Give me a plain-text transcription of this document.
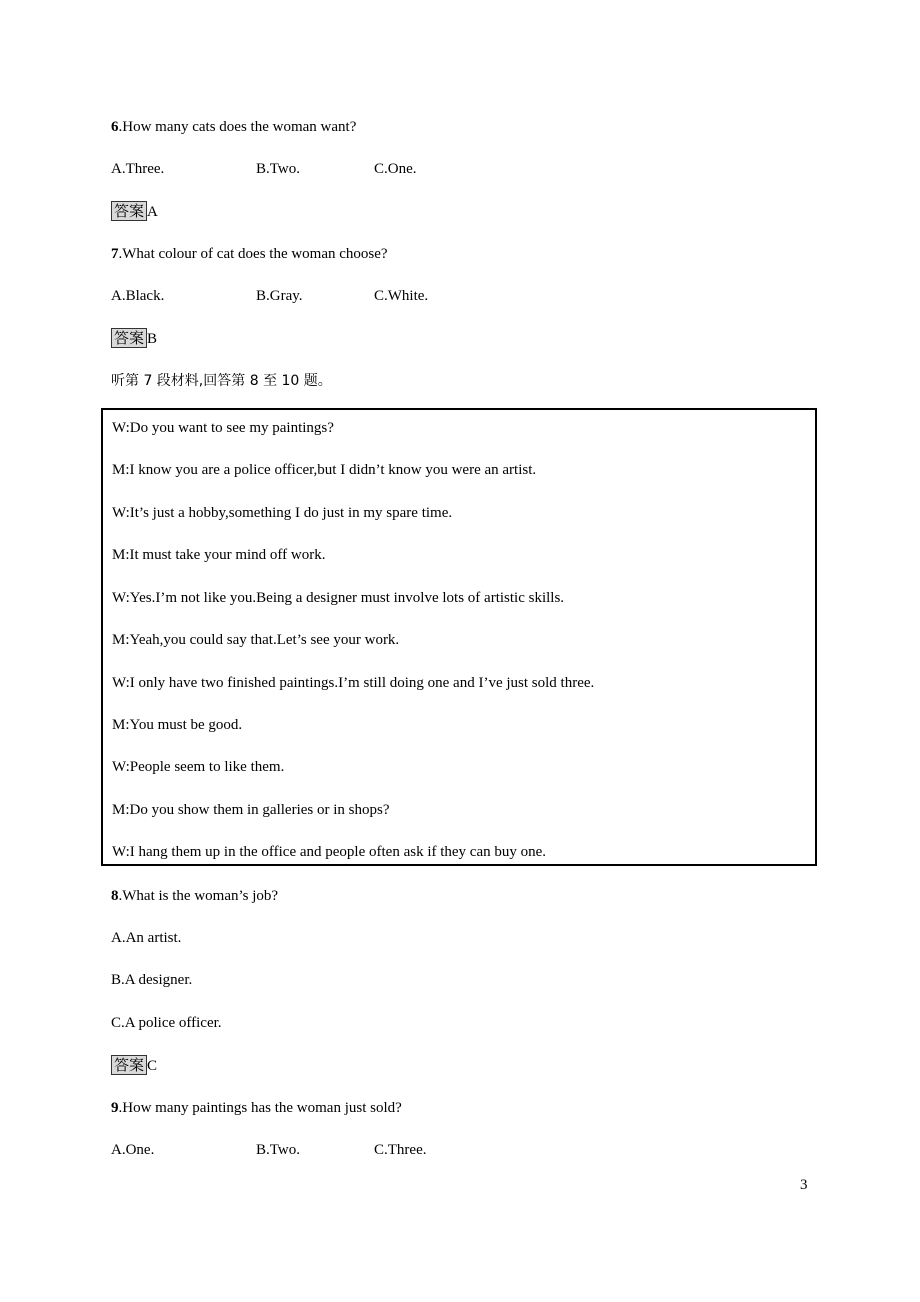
6.How many cats does the woman want?
A.Three.	B.Two.	C.One.
答案 A
7.What colour of cat does the woman choose?
A.Black.	B.Gray.	C.White.
答案 B
听第 7 段材料,回答第 8 至 10 题。
W:Do you want to see my paintings?
M:I know you are a police officer,but I didn’t know you were an artist.
W:It’s just a hobby,something I do just in my spare time.
M:It must take your mind off work.
W:Yes.I’m not like you.Being a designer must involve lots of artistic skills.
M:Yeah,you could say that.Let’s see your work.
W:I only have two finished paintings.I’m still doing one and I’ve just sold three.
M:You must be good.
W:People seem to like them.
M:Do you show them in galleries or in shops?
W:I hang them up in the office and people often ask if they can buy one.
8.What is the woman’s job?
A.An artist.
B.A designer.
C.A police officer.
答案 C
9.How many paintings has the woman just sold?
A.One.	B.Two.	C.Three.
3
